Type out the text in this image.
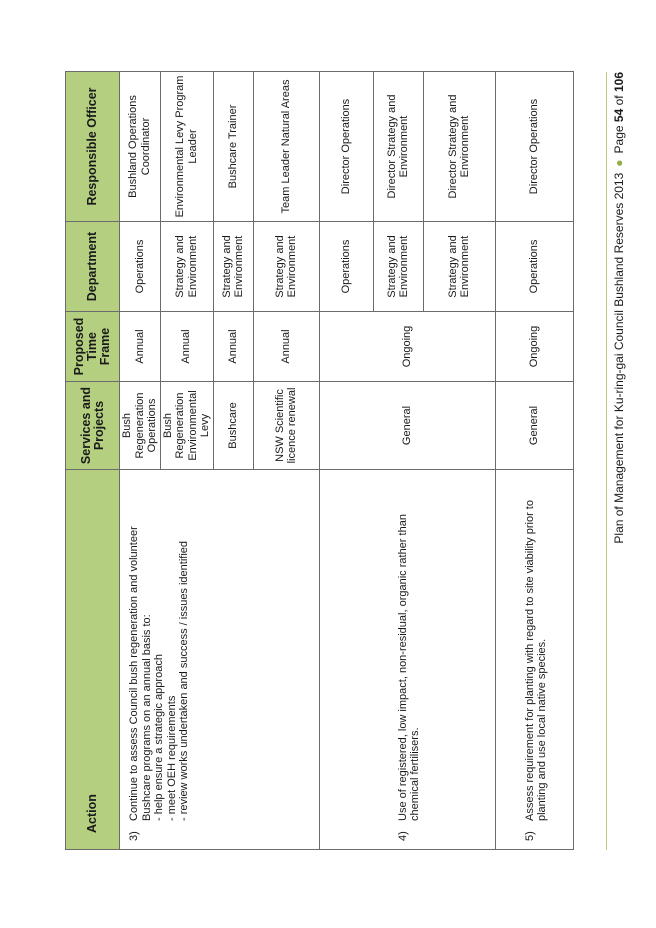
Action	Services and Projects	Proposed Time Frame	Department	Responsible Officer

3)
Continue to assess Council bush regeneration and volunteer Bushcare programs on an annual basis to: - help ensure a strategic approach - meet OEH requirements - review works undertaken and success / issues identified	Bush Regeneration Operations	Annual	Operations	Bushland Operations Coordinator
	Bush Regeneration Environmental Levy	Annual	Strategy and Environment	Environmental Levy Program Leader
	Bushcare	Annual	Strategy and Environment	Bushcare Trainer
	NSW Scientific licence renewal	Annual	Strategy and Environment	Team Leader Natural Areas

4)
Use of registered, low impact, non-residual, organic rather than chemical fertilisers.	General	Ongoing	Operations	Director Operations
			Strategy and Environment	Director Strategy and Environment
			Strategy and Environment	Director Strategy and Environment

5)
Assess requirement for planting with regard to site viability prior to planting and use local native species.	General	Ongoing	Operations	Director Operations
Plan of Management for Ku-ring-gai Council Bushland Reserves 2013●Page 54 of 106
